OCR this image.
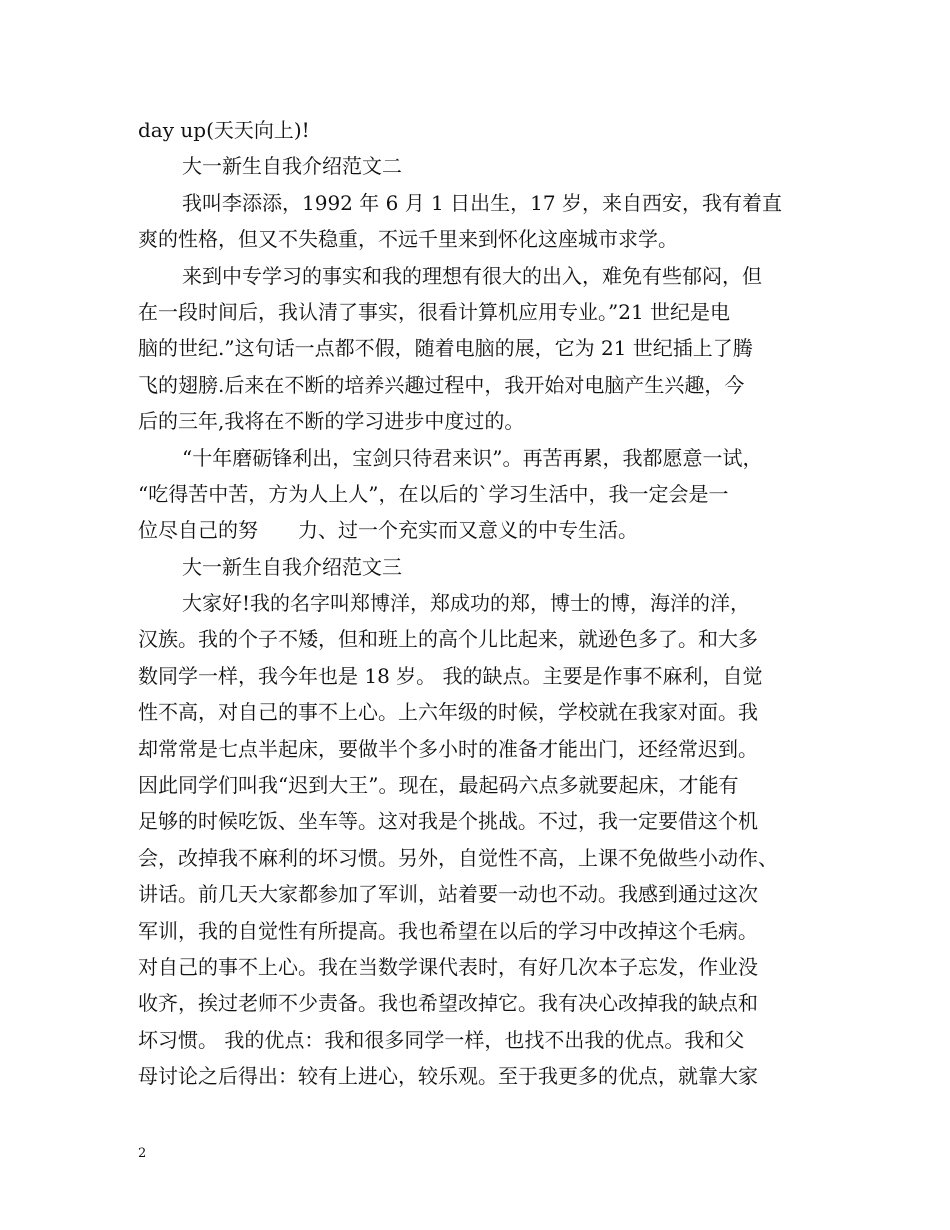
day up(天天向上)!
大一新生自我介绍范文二
我叫李添添，1992 年 6 月 1 日出生，17 岁，来自西安，我有着直
爽的性格，但又不失稳重，不远千里来到怀化这座城市求学。
来到中专学习的事实和我的理想有很大的出入，难免有些郁闷，但
在一段时间后，我认清了事实，很看计算机应用专业。”21 世纪是电
脑的世纪.”这句话一点都不假，随着电脑的展，它为 21 世纪插上了腾
飞的翅膀.后来在不断的培养兴趣过程中，我开始对电脑产生兴趣，今
后的三年,我将在不断的学习进步中度过的。
“十年磨砺锋利出，宝剑只待君来识”。再苦再累，我都愿意一试，
“吃得苦中苦，方为人上人”，在以后的`学习生活中，我一定会是一
位尽自己的努 力、过一个充实而又意义的中专生活。
大一新生自我介绍范文三
大家好!我的名字叫郑博洋，郑成功的郑，博士的博，海洋的洋，
汉族。我的个子不矮，但和班上的高个儿比起来，就逊色多了。和大多
数同学一样，我今年也是 18 岁。 我的缺点。主要是作事不麻利，自觉
性不高，对自己的事不上心。上六年级的时候，学校就在我家对面。我
却常常是七点半起床，要做半个多小时的准备才能出门，还经常迟到。
因此同学们叫我“迟到大王”。现在，最起码六点多就要起床，才能有
足够的时候吃饭、坐车等。这对我是个挑战。不过，我一定要借这个机
会，改掉我不麻利的坏习惯。另外，自觉性不高，上课不免做些小动作、
讲话。前几天大家都参加了军训，站着要一动也不动。我感到通过这次
军训，我的自觉性有所提高。我也希望在以后的学习中改掉这个毛病。
对自己的事不上心。我在当数学课代表时，有好几次本子忘发，作业没
收齐，挨过老师不少责备。我也希望改掉它。我有决心改掉我的缺点和
坏习惯。 我的优点：我和很多同学一样，也找不出我的优点。我和父
母讨论之后得出：较有上进心，较乐观。至于我更多的优点，就靠大家
2
